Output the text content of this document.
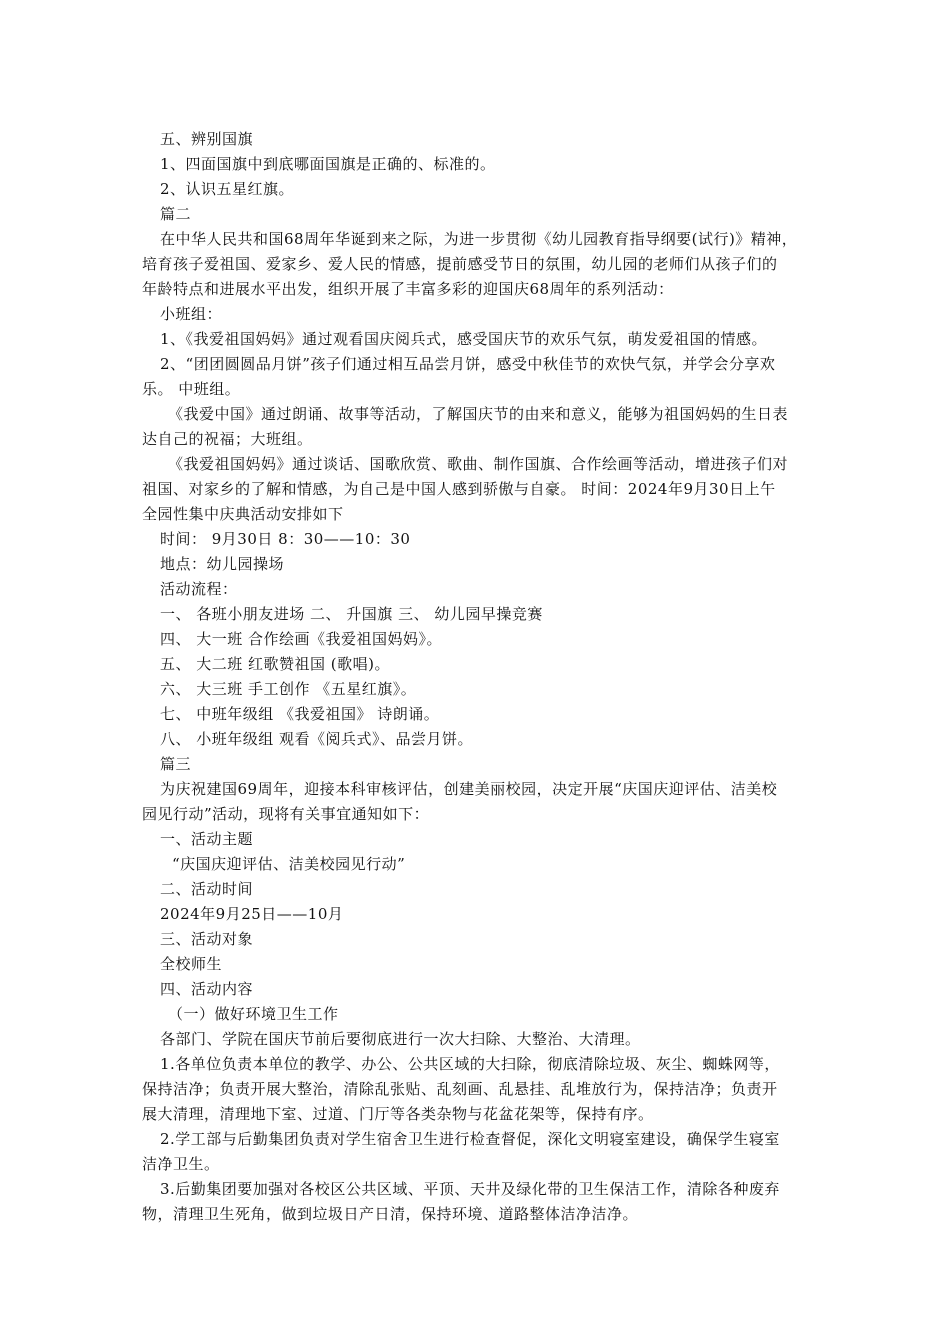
五、辨别国旗
1、四面国旗中到底哪面国旗是正确的、标准的。
2、认识五星红旗。
篇二
在中华人民共和国68周年华诞到来之际，为进一步贯彻《幼儿园教育指导纲要(试行)》精神，
培育孩子爱祖国、爱家乡、爱人民的情感，提前感受节日的氛围，幼儿园的老师们从孩子们的
年龄特点和进展水平出发，组织开展了丰富多彩的迎国庆68周年的系列活动：
小班组：
1、《我爱祖国妈妈》通过观看国庆阅兵式，感受国庆节的欢乐气氛，萌发爱祖国的情感。
2、“团团圆圆品月饼”孩子们通过相互品尝月饼，感受中秋佳节的欢快气氛，并学会分享欢
乐。 中班组。
《我爱中国》通过朗诵、故事等活动，了解国庆节的由来和意义，能够为祖国妈妈的生日表
达自己的祝福；大班组。
《我爱祖国妈妈》通过谈话、国歌欣赏、歌曲、制作国旗、合作绘画等活动，增进孩子们对
祖国、对家乡的了解和情感，为自己是中国人感到骄傲与自豪。 时间：2024年9月30日上午
全园性集中庆典活动安排如下
时间： 9月30日 8：30——10：30
地点：幼儿园操场
活动流程：
一、 各班小朋友进场 二、 升国旗 三、 幼儿园早操竞赛
四、 大一班 合作绘画《我爱祖国妈妈》。
五、 大二班 红歌赞祖国 (歌唱)。
六、 大三班 手工创作 《五星红旗》。
七、 中班年级组 《我爱祖国》 诗朗诵。
八、 小班年级组 观看《阅兵式》、品尝月饼。
篇三
为庆祝建国69周年，迎接本科审核评估，创建美丽校园，决定开展“庆国庆迎评估、洁美校
园见行动”活动，现将有关事宜通知如下：
一、活动主题
“庆国庆迎评估、洁美校园见行动”
二、活动时间
2024年9月25日——10月
三、活动对象
全校师生
四、活动内容
（一）做好环境卫生工作
各部门、学院在国庆节前后要彻底进行一次大扫除、大整治、大清理。
1.各单位负责本单位的教学、办公、公共区域的大扫除，彻底清除垃圾、灰尘、蜘蛛网等，
保持洁净；负责开展大整治，清除乱张贴、乱刻画、乱悬挂、乱堆放行为，保持洁净；负责开
展大清理，清理地下室、过道、门厅等各类杂物与花盆花架等，保持有序。
2.学工部与后勤集团负责对学生宿舍卫生进行检查督促，深化文明寝室建设，确保学生寝室
洁净卫生。
3.后勤集团要加强对各校区公共区域、平顶、天井及绿化带的卫生保洁工作，清除各种废弃
物，清理卫生死角，做到垃圾日产日清，保持环境、道路整体洁净洁净。
